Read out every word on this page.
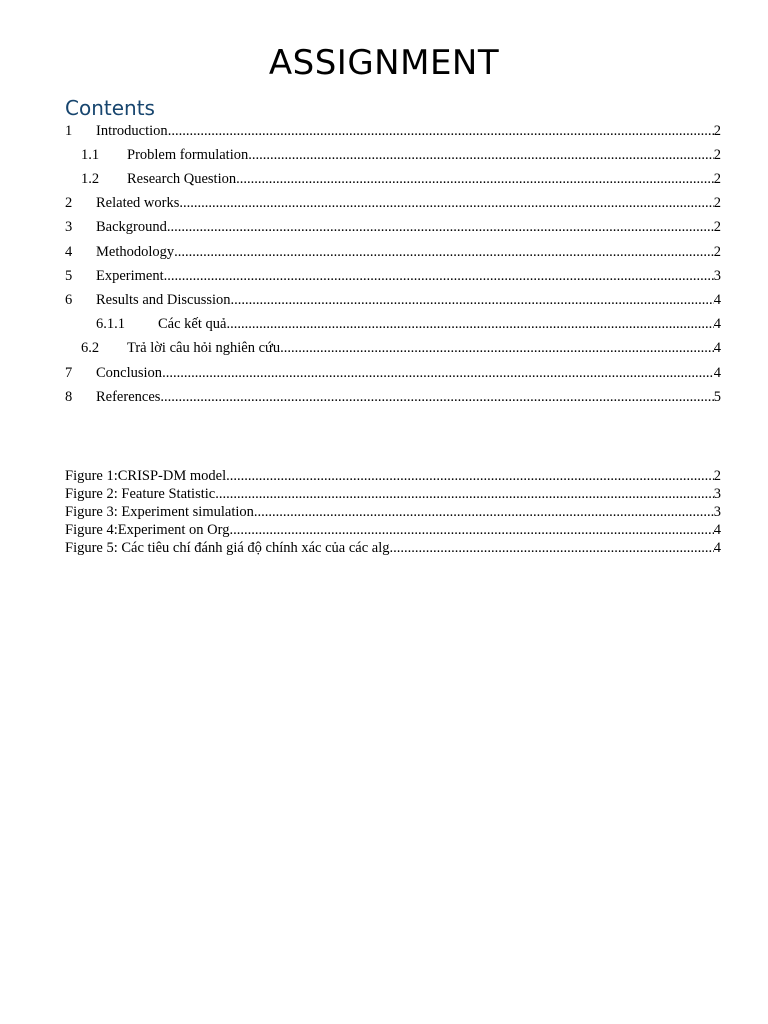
ASSIGNMENT
Contents
1	Introduction .....	2
1.1	Problem formulation .....	2
1.2	Research Question .....	2
2	Related works .....	2
3	Background .....	2
4	Methodology .....	2
5	Experiment .....	3
6	Results and Discussion .....	4
6.1.1	Các kết quả .....	4
6.2	Trả lời câu hỏi nghiên cứu .....	4
7	Conclusion .....	4
8	References .....	5
Figure 1:CRISP-DM model .....	2
Figure 2: Feature Statistic .....	3
Figure 3: Experiment simulation .....	3
Figure 4:Experiment on Org .....	4
Figure 5: Các tiêu chí đánh giá độ chính xác của các alg .....	4
